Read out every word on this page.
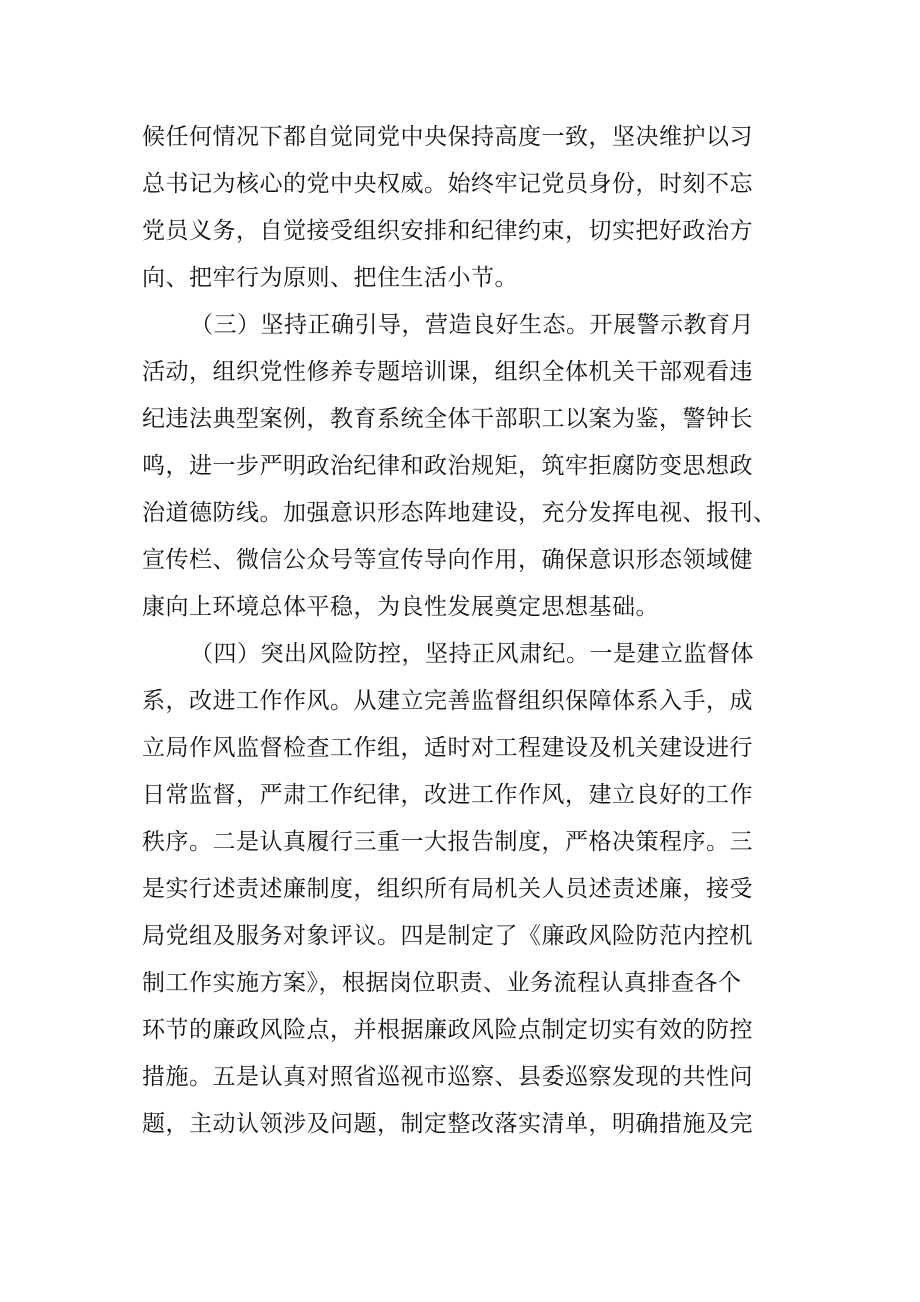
候任何情况下都自觉同党中央保持高度一致，坚决维护以习
总书记为核心的党中央权威。始终牢记党员身份，时刻不忘
党员义务，自觉接受组织安排和纪律约束，切实把好政治方
向、把牢行为原则、把住生活小节。
（三）坚持正确引导，营造良好生态。开展警示教育月
活动，组织党性修养专题培训课，组织全体机关干部观看违
纪违法典型案例，教育系统全体干部职工以案为鉴，警钟长
鸣，进一步严明政治纪律和政治规矩，筑牢拒腐防变思想政
治道德防线。加强意识形态阵地建设，充分发挥电视、报刊、
宣传栏、微信公众号等宣传导向作用，确保意识形态领域健
康向上环境总体平稳，为良性发展奠定思想基础。
（四）突出风险防控，坚持正风肃纪。一是建立监督体
系，改进工作作风。从建立完善监督组织保障体系入手，成
立局作风监督检查工作组，适时对工程建设及机关建设进行
日常监督，严肃工作纪律，改进工作作风，建立良好的工作
秩序。二是认真履行三重一大报告制度，严格决策程序。三
是实行述责述廉制度，组织所有局机关人员述责述廉，接受
局党组及服务对象评议。四是制定了《廉政风险防范内控机
制工作实施方案》，根据岗位职责、业务流程认真排查各个
环节的廉政风险点，并根据廉政风险点制定切实有效的防控
措施。五是认真对照省巡视市巡察、县委巡察发现的共性问
题，主动认领涉及问题，制定整改落实清单，明确措施及完
